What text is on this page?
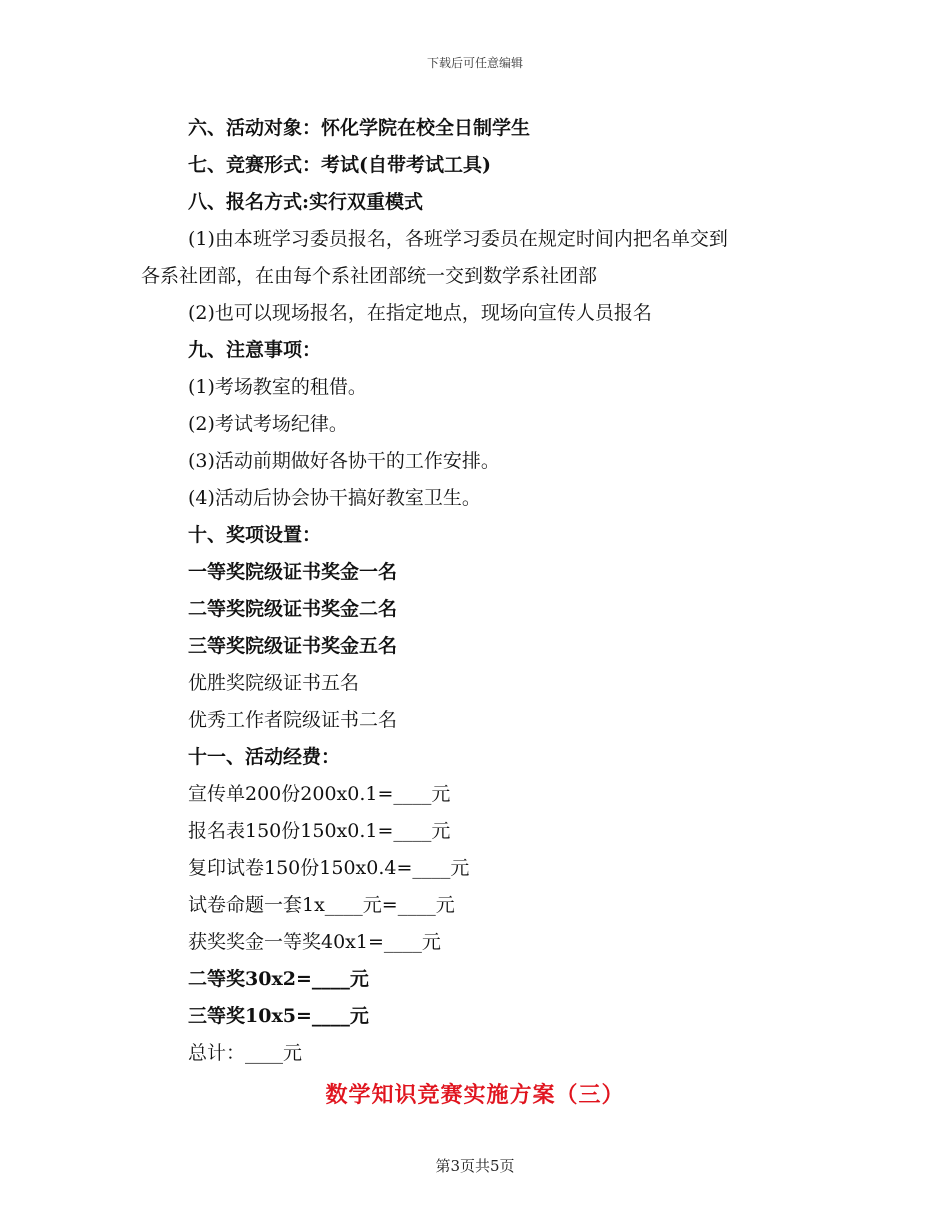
下载后可任意编辑
六、活动对象：怀化学院在校全日制学生
七、竞赛形式：考试(自带考试工具)
八、报名方式:实行双重模式
(1)由本班学习委员报名，各班学习委员在规定时间内把名单交到
各系社团部，在由每个系社团部统一交到数学系社团部
(2)也可以现场报名，在指定地点，现场向宣传人员报名
九、注意事项：
(1)考场教室的租借。
(2)考试考场纪律。
(3)活动前期做好各协干的工作安排。
(4)活动后协会协干搞好教室卫生。
十、奖项设置：
一等奖院级证书奖金一名
二等奖院级证书奖金二名
三等奖院级证书奖金五名
优胜奖院级证书五名
优秀工作者院级证书二名
十一、活动经费：
宣传单200份200x0.1=____元
报名表150份150x0.1=____元
复印试卷150份150x0.4=____元
试卷命题一套1x____元=____元
获奖奖金一等奖40x1=____元
二等奖30x2=____元
三等奖10x5=____元
总计：____元
数学知识竞赛实施方案（三）
第3页共5页
